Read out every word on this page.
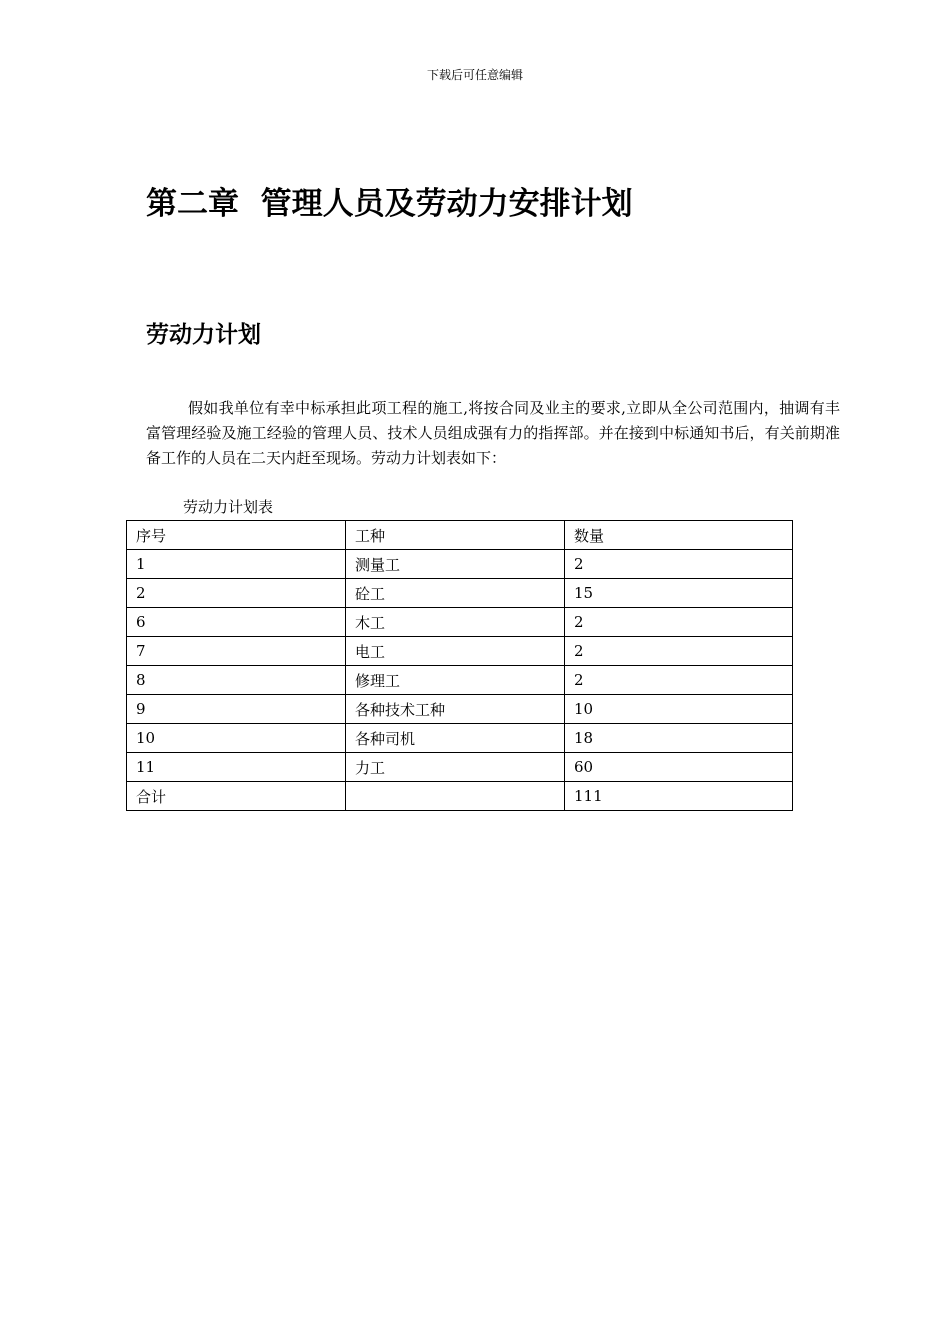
下载后可任意编辑
第二章  管理人员及劳动力安排计划
劳动力计划
假如我单位有幸中标承担此项工程的施工,将按合同及业主的要求,立即从全公司范围内，抽调有丰富管理经验及施工经验的管理人员、技术人员组成强有力的指挥部。并在接到中标通知书后，有关前期准备工作的人员在二天内赶至现场。劳动力计划表如下：
劳动力计划表
序号	工种	数量
1	测量工	2
2	砼工	15
6	木工	2
7	电工	2
8	修理工	2
9	各种技术工种	10
10	各种司机	18
11	力工	60
合计		111
